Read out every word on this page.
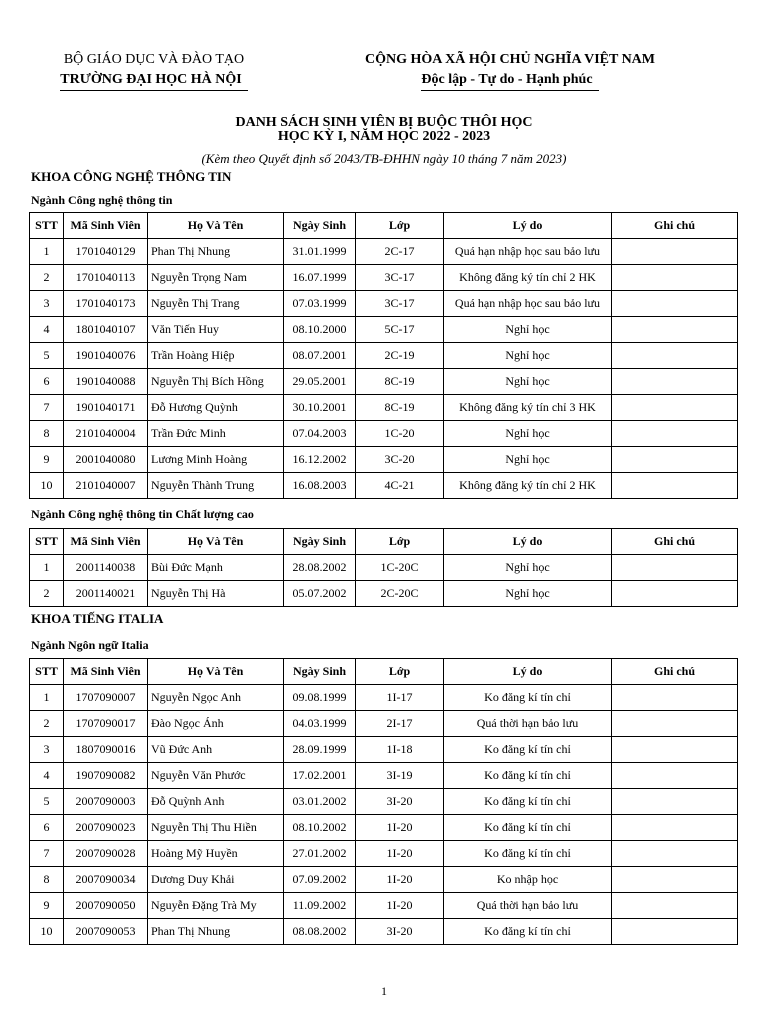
BỘ GIÁO DỤC VÀ ĐÀO TẠO
TRƯỜNG ĐẠI HỌC HÀ NỘI
CỘNG HÒA XÃ HỘI CHỦ NGHĨA VIỆT NAM
Độc lập - Tự do - Hạnh phúc
DANH SÁCH SINH VIÊN BỊ BUỘC THÔI HỌC
HỌC KỲ I, NĂM HỌC 2022 - 2023
(Kèm theo Quyết định số 2043/TB-ĐHHN ngày 10 tháng 7 năm 2023)
KHOA CÔNG NGHỆ THÔNG TIN
Ngành Công nghệ thông tin
STT	Mã Sinh Viên	Họ Và Tên	Ngày Sinh	Lớp	Lý do	Ghi chú
1	1701040129	Phan Thị Nhung	31.01.1999	2C-17	Quá hạn nhập học sau bảo lưu	
2	1701040113	Nguyễn Trọng Nam	16.07.1999	3C-17	Không đăng ký tín chỉ 2 HK	
3	1701040173	Nguyễn Thị Trang	07.03.1999	3C-17	Quá hạn nhập học sau bảo lưu	
4	1801040107	Văn Tiến Huy	08.10.2000	5C-17	Nghỉ học	
5	1901040076	Trần Hoàng Hiệp	08.07.2001	2C-19	Nghỉ học	
6	1901040088	Nguyễn Thị Bích Hồng	29.05.2001	8C-19	Nghỉ học	
7	1901040171	Đỗ Hương Quỳnh	30.10.2001	8C-19	Không đăng ký tín chỉ 3 HK	
8	2101040004	Trần Đức Minh	07.04.2003	1C-20	Nghỉ học	
9	2001040080	Lương Minh Hoàng	16.12.2002	3C-20	Nghỉ học	
10	2101040007	Nguyễn Thành Trung	16.08.2003	4C-21	Không đăng ký tín chỉ 2 HK	
Ngành Công nghệ thông tin Chất lượng cao
STT	Mã Sinh Viên	Họ Và Tên	Ngày Sinh	Lớp	Lý do	Ghi chú
1	2001140038	Bùi Đức Mạnh	28.08.2002	1C-20C	Nghỉ học	
2	2001140021	Nguyễn Thị Hà	05.07.2002	2C-20C	Nghỉ học	
KHOA TIẾNG ITALIA
Ngành Ngôn ngữ Italia
STT	Mã Sinh Viên	Họ Và Tên	Ngày Sinh	Lớp	Lý do	Ghi chú
1	1707090007	Nguyễn Ngọc Anh	09.08.1999	1I-17	Ko đăng kí tín chỉ	
2	1707090017	Đào Ngọc Ánh	04.03.1999	2I-17	Quá thời hạn bảo lưu	
3	1807090016	Vũ Đức Anh	28.09.1999	1I-18	Ko đăng kí tín chỉ	
4	1907090082	Nguyễn Văn Phước	17.02.2001	3I-19	Ko đăng kí tín chỉ	
5	2007090003	Đỗ Quỳnh Anh	03.01.2002	3I-20	Ko đăng kí tín chỉ	
6	2007090023	Nguyễn Thị Thu Hiền	08.10.2002	1I-20	Ko đăng kí tín chỉ	
7	2007090028	Hoàng Mỹ Huyền	27.01.2002	1I-20	Ko đăng kí tín chỉ	
8	2007090034	Dương Duy Khải	07.09.2002	1I-20	Ko nhập học	
9	2007090050	Nguyễn Đặng Trà My	11.09.2002	1I-20	Quá thời hạn bảo lưu	
10	2007090053	Phan Thị Nhung	08.08.2002	3I-20	Ko đăng kí tín chỉ	
1
